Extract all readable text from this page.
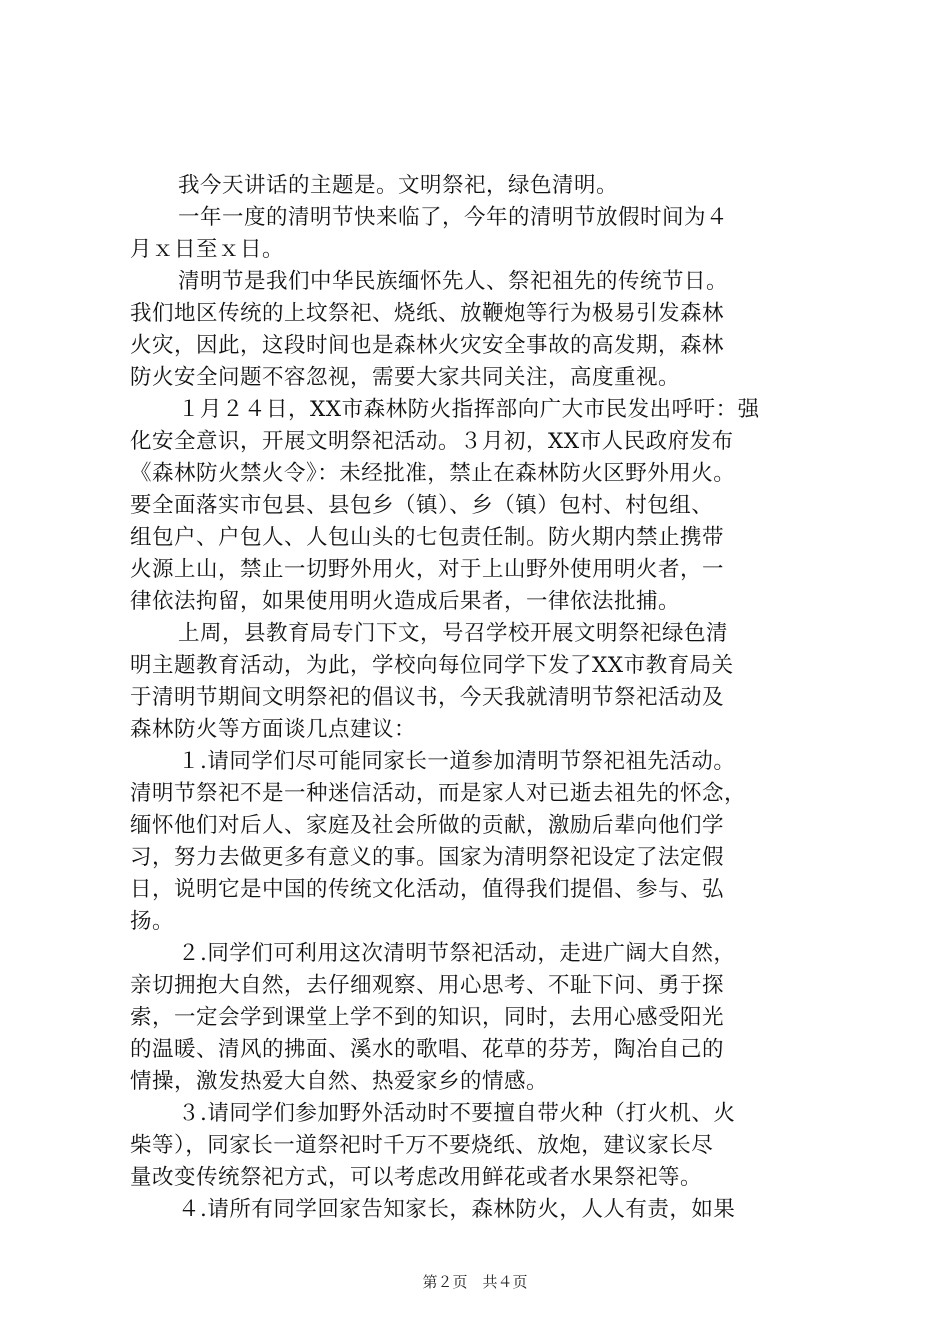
我今天讲话的主题是。文明祭祀，绿色清明。
一年一度的清明节快来临了，今年的清明节放假时间为４
月ｘ日至ｘ日。
清明节是我们中华民族缅怀先人、祭祀祖先的传统节日。
我们地区传统的上坟祭祀、烧纸、放鞭炮等行为极易引发森林
火灾，因此，这段时间也是森林火灾安全事故的高发期，森林
防火安全问题不容忽视，需要大家共同关注，高度重视。
１月２４日，XX市森林防火指挥部向广大市民发出呼吁：强
化安全意识，开展文明祭祀活动。３月初，XX市人民政府发布
《森林防火禁火令》：未经批准，禁止在森林防火区野外用火。
要全面落实市包县、县包乡（镇）、乡（镇）包村、村包组、
组包户、户包人、人包山头的七包责任制。防火期内禁止携带
火源上山，禁止一切野外用火，对于上山野外使用明火者，一
律依法拘留，如果使用明火造成后果者，一律依法批捕。
上周，县教育局专门下文，号召学校开展文明祭祀绿色清
明主题教育活动，为此，学校向每位同学下发了XX市教育局关
于清明节期间文明祭祀的倡议书，今天我就清明节祭祀活动及
森林防火等方面谈几点建议：
１.请同学们尽可能同家长一道参加清明节祭祀祖先活动。
清明节祭祀不是一种迷信活动，而是家人对已逝去祖先的怀念，
缅怀他们对后人、家庭及社会所做的贡献，激励后辈向他们学
习，努力去做更多有意义的事。国家为清明祭祀设定了法定假
日，说明它是中国的传统文化活动，值得我们提倡、参与、弘
扬。
２.同学们可利用这次清明节祭祀活动，走进广阔大自然，
亲切拥抱大自然，去仔细观察、用心思考、不耻下问、勇于探
索，一定会学到课堂上学不到的知识，同时，去用心感受阳光
的温暖、清风的拂面、溪水的歌唱、花草的芬芳，陶冶自己的
情操，激发热爱大自然、热爱家乡的情感。
３.请同学们参加野外活动时不要擅自带火种（打火机、火
柴等），同家长一道祭祀时千万不要烧纸、放炮，建议家长尽
量改变传统祭祀方式，可以考虑改用鲜花或者水果祭祀等。
４.请所有同学回家告知家长，森林防火，人人有责，如果
第２页　共４页
